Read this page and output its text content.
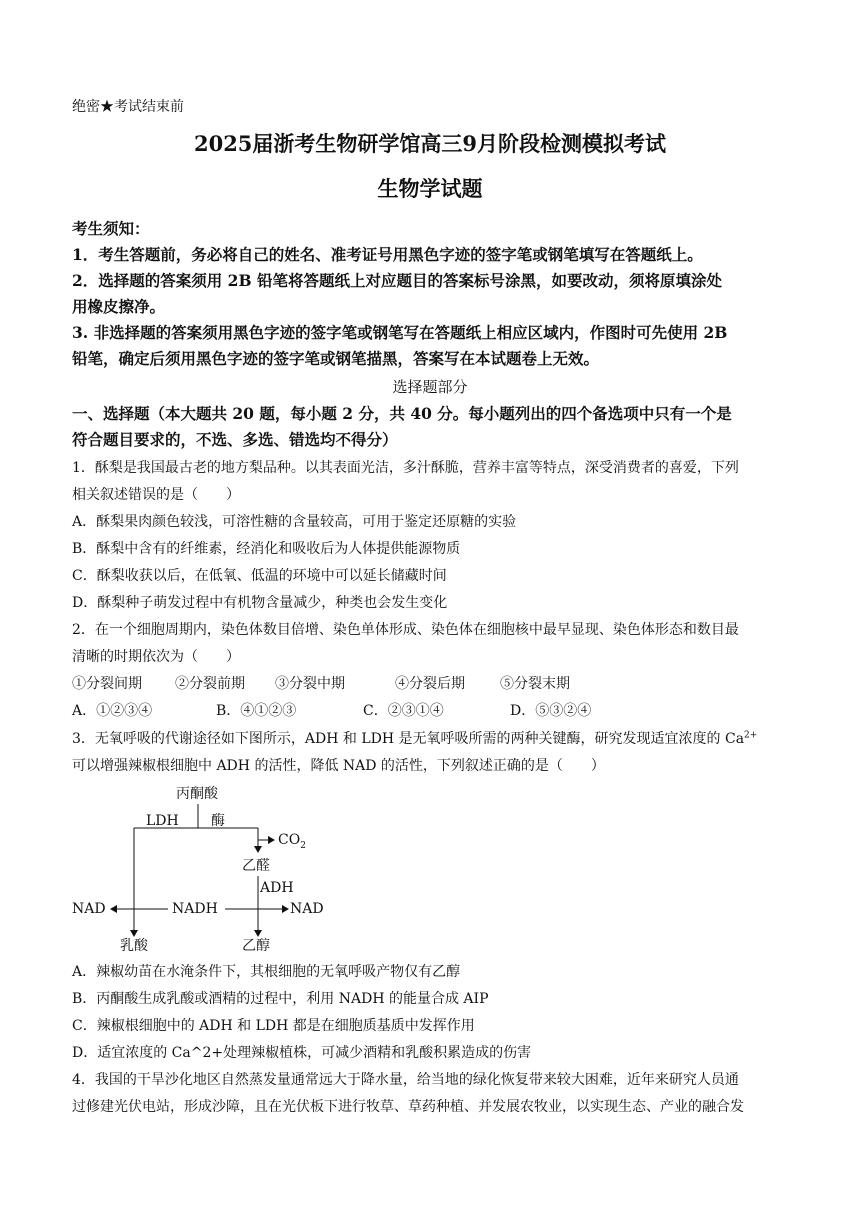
绝密★考试结束前
2025届浙考生物研学馆高三9月阶段检测模拟考试
生物学试题
考生须知：
1．考生答题前，务必将自己的姓名、准考证号用黑色字迹的签字笔或钢笔填写在答题纸上。
2．选择题的答案须用 2B 铅笔将答题纸上对应题目的答案标号涂黑，如要改动，须将原填涂处
用橡皮擦净。
3. 非选择题的答案须用黑色字迹的签字笔或钢笔写在答题纸上相应区域内，作图时可先使用 2B
铅笔，确定后须用黑色字迹的签字笔或钢笔描黑，答案写在本试题卷上无效。
选择题部分
一、选择题（本大题共 20 题，每小题 2 分，共 40 分。每小题列出的四个备选项中只有一个是
符合题目要求的，不选、多选、错选均不得分）
1．酥梨是我国最古老的地方梨品种。以其表面光洁，多汁酥脆，营养丰富等特点，深受消费者的喜爱，下列
相关叙述错误的是（　　）
A．酥梨果肉颜色较浅，可溶性糖的含量较高，可用于鉴定还原糖的实验
B．酥梨中含有的纤维素，经消化和吸收后为人体提供能源物质
C．酥梨收获以后，在低氧、低温的环境中可以延长储藏时间
D．酥梨种子萌发过程中有机物含量减少，种类也会发生变化
2．在一个细胞周期内，染色体数目倍增、染色单体形成、染色体在细胞核中最早显现、染色体形态和数目最
清晰的时期依次为（　　）
①分裂间期 ②分裂前期 ③分裂中期	④分裂后期	⑤分裂末期
A．①②③④	B．④①②③	C．②③①④	D．⑤③②④
3．无氧呼吸的代谢途径如下图所示，ADH 和 LDH 是无氧呼吸所需的两种关键酶，研究发现适宜浓度的 $Ca^{2+}$
可以增强辣椒根细胞中 ADH 的活性，降低 NAD 的活性，下列叙述正确的是（　　）
丙酮酸
LDH 酶
$CO_2$
乙醛
ADH
NAD	NADH	NAD
乳酸	乙醇
A．辣椒幼苗在水淹条件下，其根细胞的无氧呼吸产物仅有乙醇
B．丙酮酸生成乳酸或酒精的过程中，利用 NADH 的能量合成 AIP
C．辣椒根细胞中的 ADH 和 LDH 都是在细胞质基质中发挥作用
D．适宜浓度的 Ca^2+处理辣椒植株，可减少酒精和乳酸积累造成的伤害
4．我国的干旱沙化地区自然蒸发量通常远大于降水量，给当地的绿化恢复带来较大困难，近年来研究人员通
过修建光伏电站，形成沙障，且在光伏板下进行牧草、草药种植、并发展农牧业，以实现生态、产业的融合发
